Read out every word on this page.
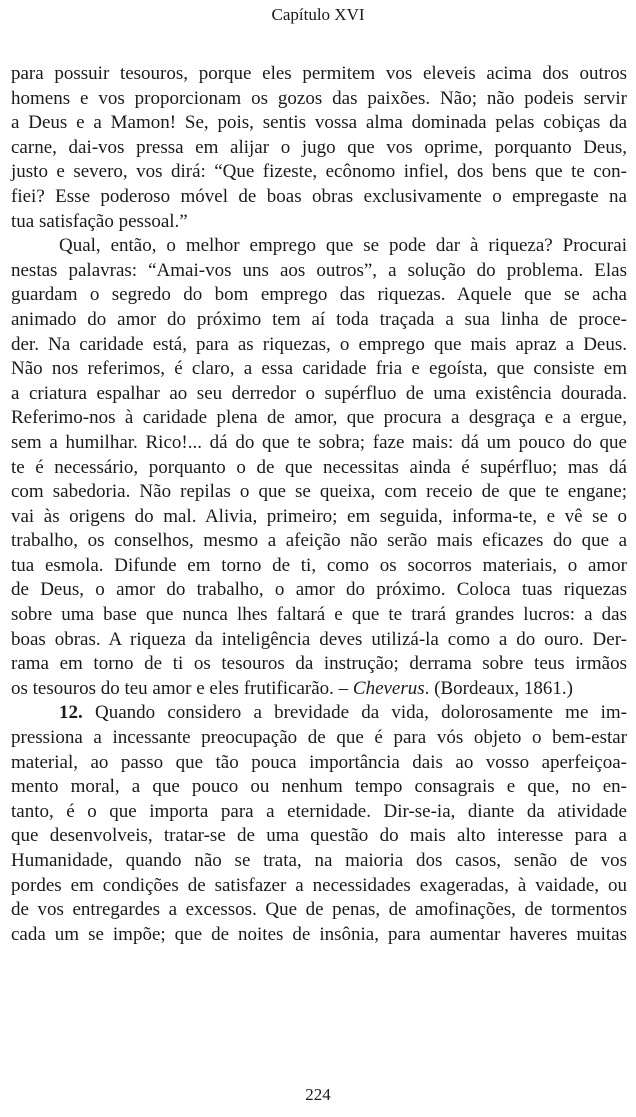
Capítulo XVI
para possuir tesouros, porque eles permitem vos eleveis acima dos outros
homens e vos proporcionam os gozos das paixões. Não; não podeis servir
a Deus e a Mamon! Se, pois, sentis vossa alma dominada pelas cobiças da
carne, dai-vos pressa em alijar o jugo que vos oprime, porquanto Deus,
justo e severo, vos dirá: “Que fizeste, ecônomo infiel, dos bens que te con-
fiei? Esse poderoso móvel de boas obras exclusivamente o empregaste na
tua satisfação pessoal.”
Qual, então, o melhor emprego que se pode dar à riqueza? Procurai
nestas palavras: “Amai-vos uns aos outros”, a solução do problema. Elas
guardam o segredo do bom emprego das riquezas. Aquele que se acha
animado do amor do próximo tem aí toda traçada a sua linha de proce-
der. Na caridade está, para as riquezas, o emprego que mais apraz a Deus.
Não nos referimos, é claro, a essa caridade fria e egoísta, que consiste em
a criatura espalhar ao seu derredor o supérfluo de uma existência dourada.
Referimo-nos à caridade plena de amor, que procura a desgraça e a ergue,
sem a humilhar. Rico!... dá do que te sobra; faze mais: dá um pouco do que
te é necessário, porquanto o de que necessitas ainda é supérfluo; mas dá
com sabedoria. Não repilas o que se queixa, com receio de que te engane;
vai às origens do mal. Alivia, primeiro; em seguida, informa-te, e vê se o
trabalho, os conselhos, mesmo a afeição não serão mais eficazes do que a
tua esmola. Difunde em torno de ti, como os socorros materiais, o amor
de Deus, o amor do trabalho, o amor do próximo. Coloca tuas riquezas
sobre uma base que nunca lhes faltará e que te trará grandes lucros: a das
boas obras. A riqueza da inteligência deves utilizá-la como a do ouro. Der-
rama em torno de ti os tesouros da instrução; derrama sobre teus irmãos
os tesouros do teu amor e eles frutificarão. – Cheverus. (Bordeaux, 1861.)
12. Quando considero a brevidade da vida, dolorosamente me im-
pressiona a incessante preocupação de que é para vós objeto o bem-estar
material, ao passo que tão pouca importância dais ao vosso aperfeiçoa-
mento moral, a que pouco ou nenhum tempo consagrais e que, no en-
tanto, é o que importa para a eternidade. Dir-se-ia, diante da atividade
que desenvolveis, tratar-se de uma questão do mais alto interesse para a
Humanidade, quando não se trata, na maioria dos casos, senão de vos
pordes em condições de satisfazer a necessidades exageradas, à vaidade, ou
de vos entregardes a excessos. Que de penas, de amofinações, de tormentos
cada um se impõe; que de noites de insônia, para aumentar haveres muitas
224
